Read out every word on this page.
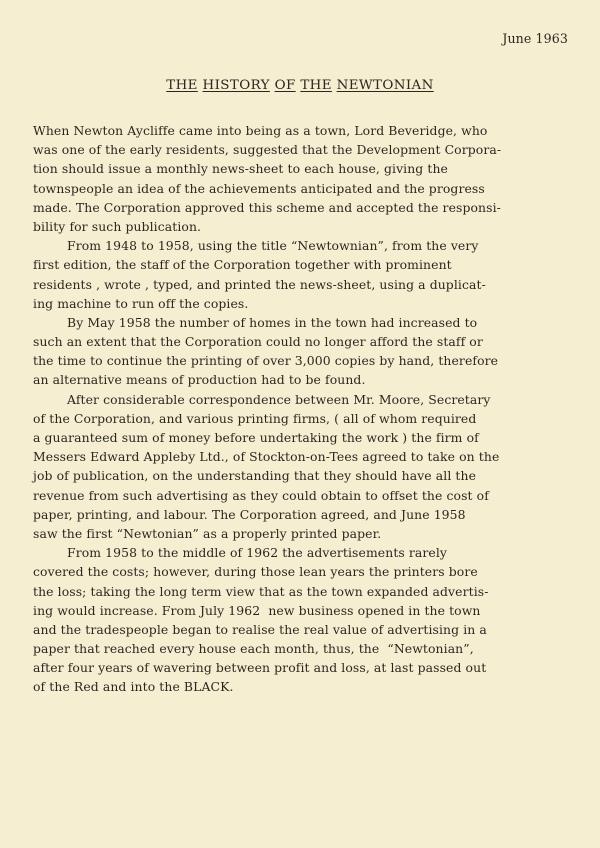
June 1963
THE HISTORY OF THE NEWTONIAN
When Newton Aycliffe came into being as a town, Lord Beveridge, who
was one of the early residents, suggested that the Development Corpora-
tion should issue a monthly news-sheet to each house, giving the
townspeople an idea of the achievements anticipated and the progress
made. The Corporation approved this scheme and accepted the responsi-
bility for such publication.
From 1948 to 1958, using the title “Newtownian”, from the very
first edition, the staff of the Corporation together with prominent
residents , wrote , typed, and printed the news-sheet, using a duplicat-
ing machine to run off the copies.
By May 1958 the number of homes in the town had increased to
such an extent that the Corporation could no longer afford the staff or
the time to continue the printing of over 3,000 copies by hand, therefore
an alternative means of production had to be found.
After considerable correspondence between Mr. Moore, Secretary
of the Corporation, and various printing firms, ( all of whom required
a guaranteed sum of money before undertaking the work ) the firm of
Messers Edward Appleby Ltd., of Stockton-on-Tees agreed to take on the
job of publication, on the understanding that they should have all the
revenue from such advertising as they could obtain to offset the cost of
paper, printing, and labour. The Corporation agreed, and June 1958
saw the first “Newtonian” as a properly printed paper.
From 1958 to the middle of 1962 the advertisements rarely
covered the costs; however, during those lean years the printers bore
the loss; taking the long term view that as the town expanded advertis-
ing would increase. From July 1962  new business opened in the town
and the tradespeople began to realise the real value of advertising in a
paper that reached every house each month, thus, the  “Newtonian”,
after four years of wavering between profit and loss, at last passed out
of the Red and into the BLACK.
